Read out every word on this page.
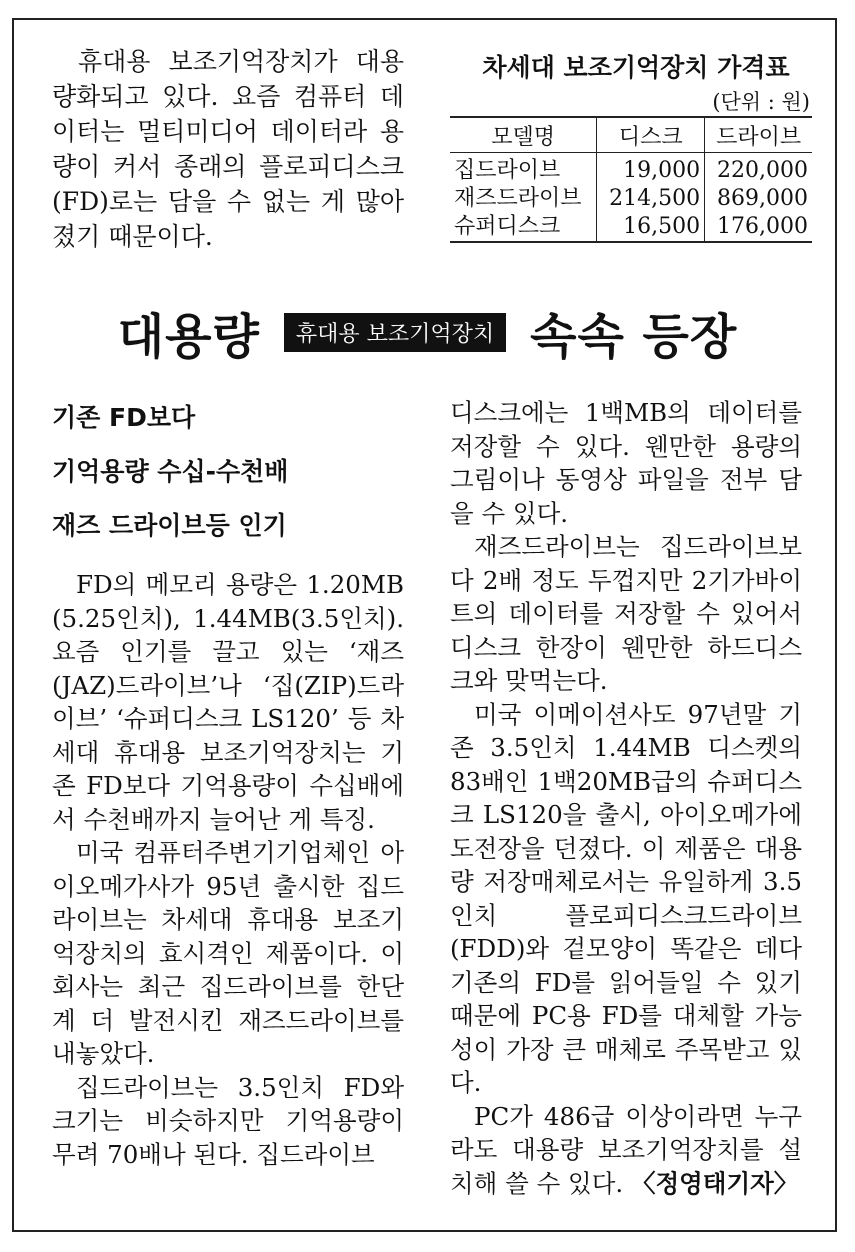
휴대용 보조기억장치가 대용량화되고 있다. 요즘 컴퓨터 데이터는 멀티미디어 데이터라 용량이 커서 종래의 플로피디스크(FD)로는 담을 수 없는 게 많아졌기 때문이다.

차세대 보조기억장치 가격표
(단위 : 원)
모델명	디스크	드라이브
집드라이브	19,000	220,000
재즈드라이브	214,500	869,000
슈퍼디스크	16,500	176,000
대용량	휴대용 보조기억장치 속속 등장
기존 FD보다
기억용량 수십-수천배
재즈 드라이브등 인기

FD의 메모리 용량은 1.20MB (5.25인치), 1.44MB(3.5인치). 요즘 인기를 끌고 있는 ‘재즈(JAZ)드라이브’나 ‘집(ZIP)드라이브’ ‘슈퍼디스크 LS120’ 등 차세대 휴대용 보조기억장치는 기존 FD보다 기억용량이 수십배에서 수천배까지 늘어난 게 특징.

미국 컴퓨터주변기기업체인 아이오메가사가 95년 출시한 집드라이브는 차세대 휴대용 보조기억장치의 효시격인 제품이다. 이 회사는 최근 집드라이브를 한단계 더 발전시킨 재즈드라이브를 내놓았다.

집드라이브는 3.5인치 FD와 크기는 비슷하지만 기억용량이 무려 70배나 된다. 집드라이브

디스크에는 1백MB의 데이터를 저장할 수 있다. 웬만한 용량의 그림이나 동영상 파일을 전부 담을 수 있다.

재즈드라이브는 집드라이브보다 2배 정도 두껍지만 2기가바이트의 데이터를 저장할 수 있어서 디스크 한장이 웬만한 하드디스크와 맞먹는다.

미국 이메이션사도 97년말 기존 3.5인치 1.44MB 디스켓의 83배인 1백20MB급의 슈퍼디스크 LS120을 출시, 아이오메가에 도전장을 던졌다. 이 제품은 대용량 저장매체로서는 유일하게 3.5인치 플로피디스크드라이브(FDD)와 겉모양이 똑같은 데다 기존의 FD를 읽어들일 수 있기 때문에 PC용 FD를 대체할 가능성이 가장 큰 매체로 주목받고 있다.

PC가 486급 이상이라면 누구라도 대용량 보조기억장치를 설치해 쓸 수 있다. 〈정영태기자〉
